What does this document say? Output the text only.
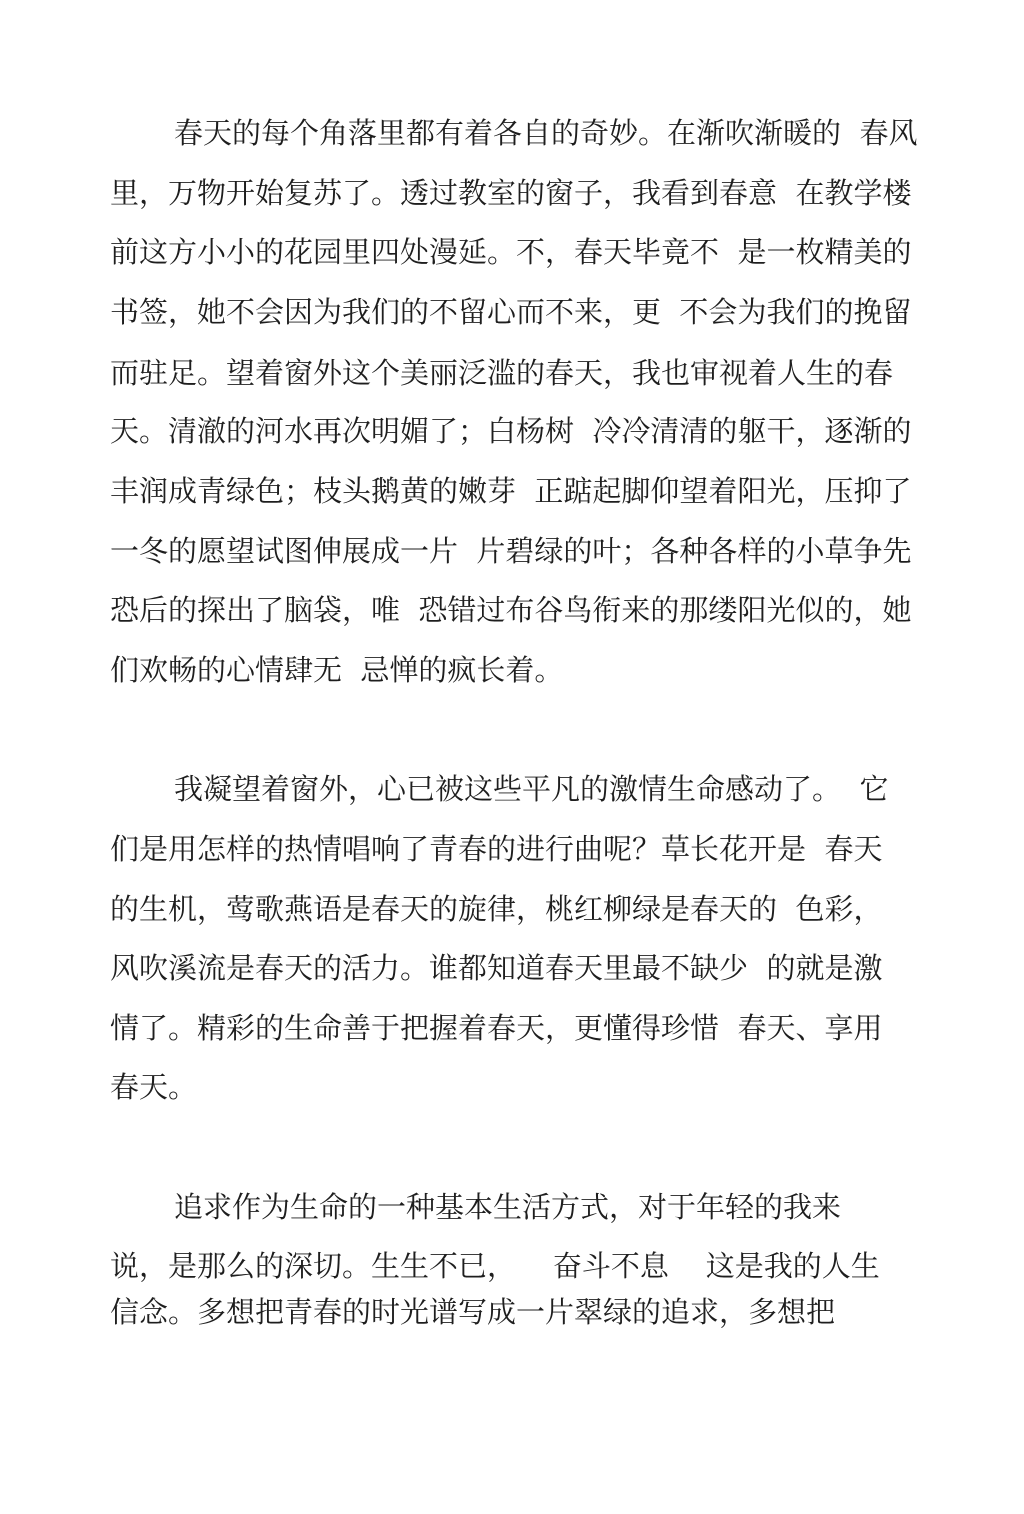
春天的每个角落里都有着各自的奇妙。在渐吹渐暖的  春风
里，万物开始复苏了。透过教室的窗子，我看到春意  在教学楼
前这方小小的花园里四处漫延。不，春天毕竟不  是一枚精美的
书签，她不会因为我们的不留心而不来，更  不会为我们的挽留
而驻足。望着窗外这个美丽泛滥的春天，我也审视着人生的春
天。清澈的河水再次明媚了；白杨树  冷冷清清的躯干，逐渐的
丰润成青绿色；枝头鹅黄的嫩芽  正踮起脚仰望着阳光，压抑了
一冬的愿望试图伸展成一片  片碧绿的叶；各种各样的小草争先
恐后的探出了脑袋，唯  恐错过布谷鸟衔来的那缕阳光似的，她
们欢畅的心情肆无  忌惮的疯长着。
我凝望着窗外，心已被这些平凡的激情生命感动了。  它
们是用怎样的热情唱响了青春的进行曲呢？草长花开是  春天
的生机，莺歌燕语是春天的旋律，桃红柳绿是春天的  色彩，
风吹溪流是春天的活力。谁都知道春天里最不缺少  的就是激
情了。精彩的生命善于把握着春天，更懂得珍惜  春天、享用
春天。
追求作为生命的一种基本生活方式，对于年轻的我来
说，是那么的深切。生生不已，    奋斗不息    这是我的人生
信念。多想把青春的时光谱写成一片翠绿的追求，多想把
